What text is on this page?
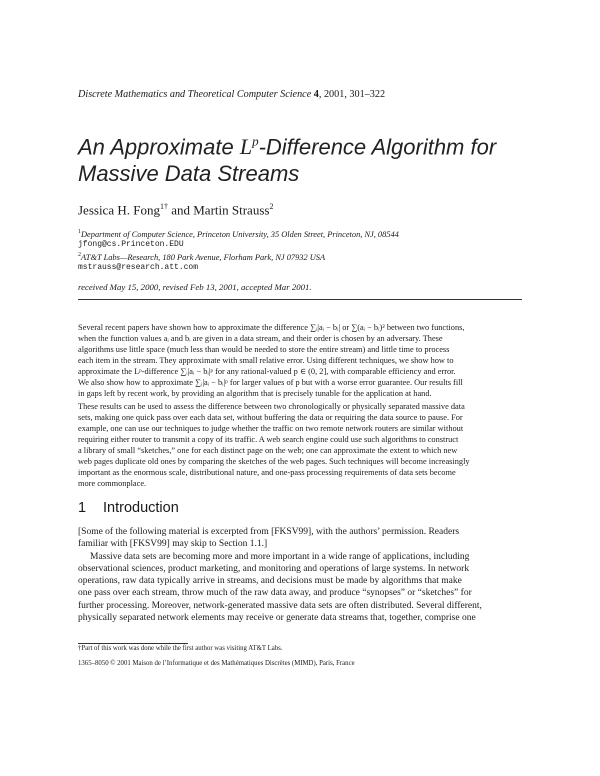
Discrete Mathematics and Theoretical Computer Science 4, 2001, 301–322
An Approximate $L^p$-Difference Algorithm for
Massive Data Streams
Jessica H. Fong$^{1\dagger}$ and Martin Strauss$^2$
$^1$Department of Computer Science, Princeton University, 35 Olden Street, Princeton, NJ, 08544
jfong@cs.Princeton.EDU
$^2$AT&T Labs—Research, 180 Park Avenue, Florham Park, NJ 07932 USA
mstrauss@research.att.com
received May 15, 2000, revised Feb 13, 2001, accepted Mar 2001.
Several recent papers have shown how to approximate the difference ∑ᵢ|aᵢ − bᵢ| or ∑(aᵢ − bᵢ)² between two functions,
when the function values aᵢ and bᵢ are given in a data stream, and their order is chosen by an adversary. These
algorithms use little space (much less than would be needed to store the entire stream) and little time to process
each item in the stream. They approximate with small relative error. Using different techniques, we show how to
approximate the Lᵖ-difference ∑ᵢ|aᵢ − bᵢ|ᵖ for any rational-valued p ∈ (0, 2], with comparable efficiency and error.
We also show how to approximate ∑ᵢ|aᵢ − bᵢ|ᵖ for larger values of p but with a worse error guarantee. Our results fill
in gaps left by recent work, by providing an algorithm that is precisely tunable for the application at hand.
These results can be used to assess the difference between two chronologically or physically separated massive data
sets, making one quick pass over each data set, without buffering the data or requiring the data source to pause. For
example, one can use our techniques to judge whether the traffic on two remote network routers are similar without
requiring either router to transmit a copy of its traffic. A web search engine could use such algorithms to construct
a library of small “sketches,” one for each distinct page on the web; one can approximate the extent to which new
web pages duplicate old ones by comparing the sketches of the web pages. Such techniques will become increasingly
important as the enormous scale, distributional nature, and one-pass processing requirements of data sets become
more commonplace.
1 Introduction

[Some of the following material is excerpted from [FKSV99], with the authors’ permission. Readers

familiar with [FKSV99] may skip to Section 1.1.]

Massive data sets are becoming more and more important in a wide range of applications, including

observational sciences, product marketing, and monitoring and operations of large systems. In network

operations, raw data typically arrive in streams, and decisions must be made by algorithms that make

one pass over each stream, throw much of the raw data away, and produce “synopses” or “sketches” for

further processing. Moreover, network-generated massive data sets are often distributed. Several different,

physically separated network elements may receive or generate data streams that, together, comprise one

†Part of this work was done while the first author was visiting AT&T Labs.
1365–8050 © 2001 Maison de l’Informatique et des Mathématiques Discrètes (MIMD), Paris, France
